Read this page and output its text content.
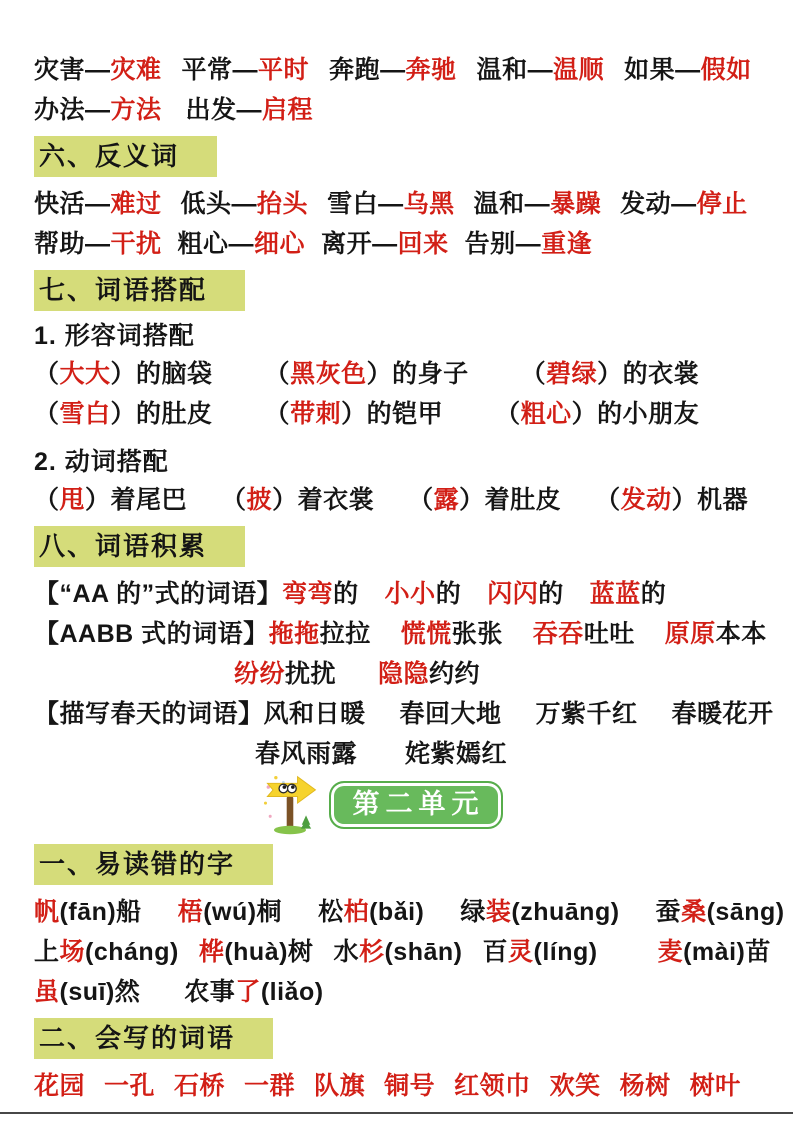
灾害—灾难 平常—平时 奔跑—奔驰 温和—温顺 如果—假如
办法—方法 出发—启程
六、反义词
快活—难过 低头—抬头 雪白—乌黑 温和—暴躁 发动—停止
帮助—干扰 粗心—细心 离开—回来 告别—重逢
七、词语搭配
1. 形容词搭配
（大大）的脑袋 （黑灰色）的身子 （碧绿）的衣裳
（雪白）的肚皮 （带刺）的铠甲 （粗心）的小朋友
2. 动词搭配
（甩）着尾巴 （披）着衣裳 （露）着肚皮 （发动）机器
八、词语积累
【“AA 的”式的词语】弯弯的 小小的 闪闪的 蓝蓝的
【AABB 式的词语】拖拖拉拉 慌慌张张 吞吞吐吐 原原本本
纷纷扰扰 隐隐约约
【描写春天的词语】风和日暖 春回大地 万紫千红 春暖花开
春风雨露 姹紫嫣红
第二单元
一、易读错的字
帆(fān)船 梧(wú)桐 松柏(bǎi) 绿装(zhuāng) 蚕桑(sāng)
上场(cháng) 桦(huà)树 水杉(shān) 百灵(líng) 麦(mài)苗
虽(suī)然 农事了(liǎo)
二、会写的词语
花园 一孔 石桥 一群 队旗 铜号 红领巾 欢笑 杨树 树叶
